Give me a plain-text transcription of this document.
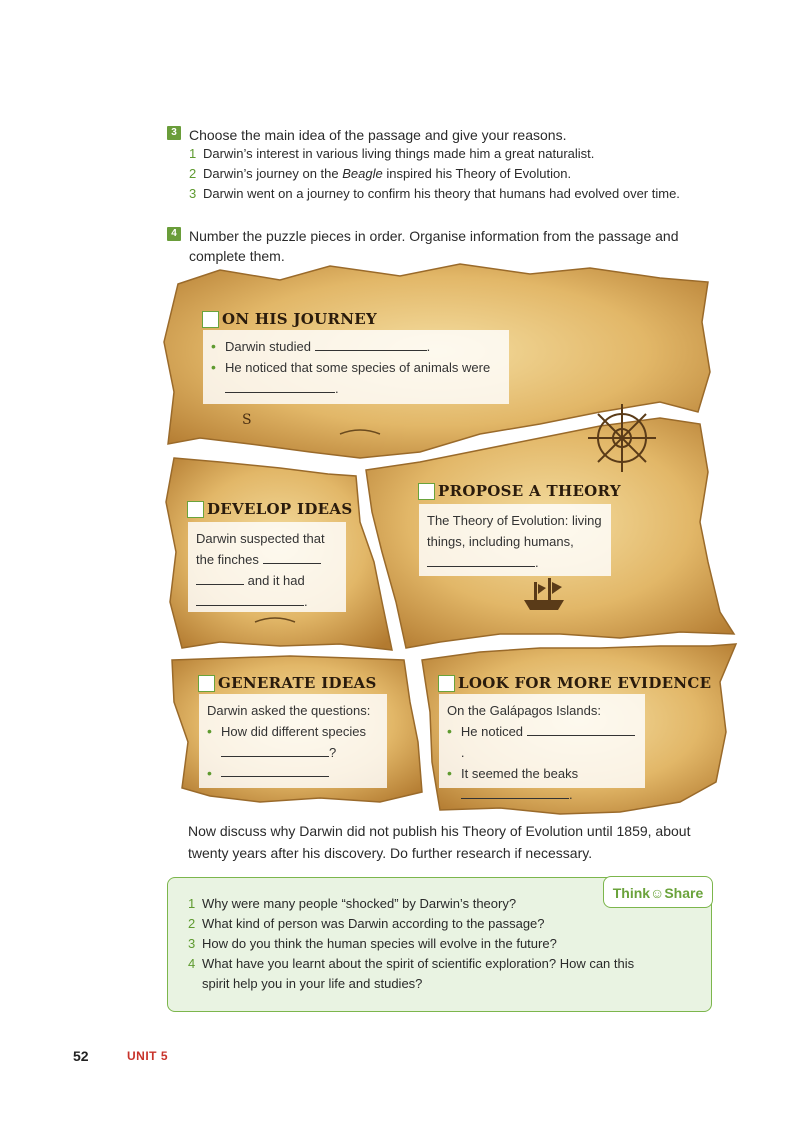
3 Choose the main idea of the passage and give your reasons.
1 Darwin’s interest in various living things made him a great naturalist.
2 Darwin’s journey on the Beagle inspired his Theory of Evolution.
3 Darwin went on a journey to confirm his theory that humans had evolved over time.
4 Number the puzzle pieces in order. Organise information from the passage and
complete them.
S
ON HIS JOURNEY
• Darwin studied	.
• He noticed that some species of animals were
.
DEVELOP IDEAS
Darwin suspected that
the finches
and it had
.
PROPOSE A THEORY
The Theory of Evolution: living
things, including humans,
.
GENERATE IDEAS
Darwin asked the questions:
• How did different species
?
•
LOOK FOR MORE EVIDENCE
On the Galápagos Islands:
• He noticed .
• It seemed the beaks
.
Now discuss why Darwin did not publish his Theory of Evolution until 1859, about
twenty years after his discovery. Do further research if necessary.
Think☺Share
1 Why were many people “shocked” by Darwin’s theory?
2 What kind of person was Darwin according to the passage?
3 How do you think the human species will evolve in the future?
4 What have you learnt about the spirit of scientific exploration? How can this spirit help you in your life and studies?
52	UNIT 5
